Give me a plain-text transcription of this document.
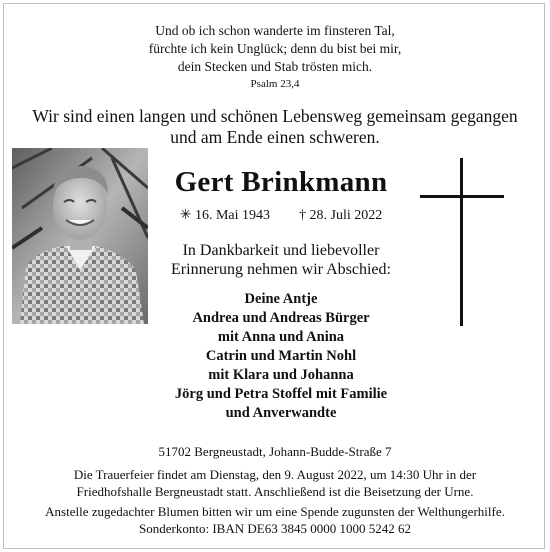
Und ob ich schon wanderte im finsteren Tal,
fürchte ich kein Unglück; denn du bist bei mir,
dein Stecken und Stab trösten mich.
Psalm 23,4
Wir sind einen langen und schönen Lebensweg gemeinsam gegangen
und am Ende einen schweren.
Gert Brinkmann
✳ 16. Mai 1943 † 28. Juli 2022
In Dankbarkeit und liebevoller
Erinnerung nehmen wir Abschied:
Deine Antje
Andrea und Andreas Bürger
mit Anna und Anina
Catrin und Martin Nohl
mit Klara und Johanna
Jörg und Petra Stoffel mit Familie
und Anverwandte
51702 Bergneustadt, Johann-Budde-Straße 7
Die Trauerfeier findet am Dienstag, den 9. August 2022, um 14:30 Uhr in der
Friedhofshalle Bergneustadt statt. Anschließend ist die Beisetzung der Urne.
Anstelle zugedachter Blumen bitten wir um eine Spende zugunsten der Welthungerhilfe.
Sonderkonto: IBAN DE63 3845 0000 1000 5242 62
